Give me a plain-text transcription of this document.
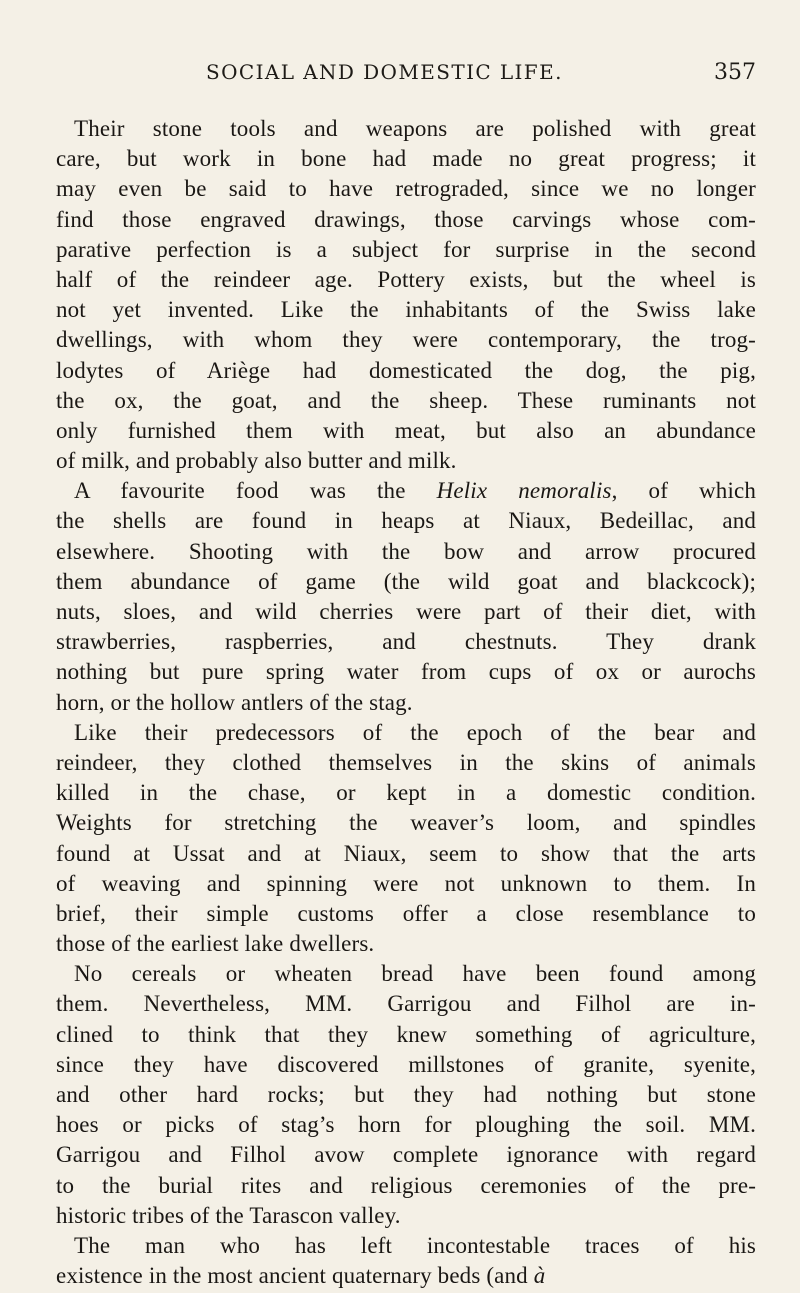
SOCIAL AND DOMESTIC LIFE.	357
Their stone tools and weapons are polished with great
care, but work in bone had made no great progress; it
may even be said to have retrograded, since we no longer
find those engraved drawings, those carvings whose com-
parative perfection is a subject for surprise in the second
half of the reindeer age. Pottery exists, but the wheel is
not yet invented. Like the inhabitants of the Swiss lake
dwellings, with whom they were contemporary, the trog-
lodytes of Ariège had domesticated the dog, the pig,
the ox, the goat, and the sheep. These ruminants not
only furnished them with meat, but also an abundance
of milk, and probably also butter and milk.
A favourite food was the Helix nemoralis, of which
the shells are found in heaps at Niaux, Bedeillac, and
elsewhere. Shooting with the bow and arrow procured
them abundance of game (the wild goat and blackcock);
nuts, sloes, and wild cherries were part of their diet, with
strawberries, raspberries, and chestnuts. They drank
nothing but pure spring water from cups of ox or aurochs
horn, or the hollow antlers of the stag.
Like their predecessors of the epoch of the bear and
reindeer, they clothed themselves in the skins of animals
killed in the chase, or kept in a domestic condition.
Weights for stretching the weaver’s loom, and spindles
found at Ussat and at Niaux, seem to show that the arts
of weaving and spinning were not unknown to them. In
brief, their simple customs offer a close resemblance to
those of the earliest lake dwellers.
No cereals or wheaten bread have been found among
them. Nevertheless, MM. Garrigou and Filhol are in-
clined to think that they knew something of agriculture,
since they have discovered millstones of granite, syenite,
and other hard rocks; but they had nothing but stone
hoes or picks of stag’s horn for ploughing the soil. MM.
Garrigou and Filhol avow complete ignorance with regard
to the burial rites and religious ceremonies of the pre-
historic tribes of the Tarascon valley.
The man who has left incontestable traces of his
existence in the most ancient quaternary beds (and à
